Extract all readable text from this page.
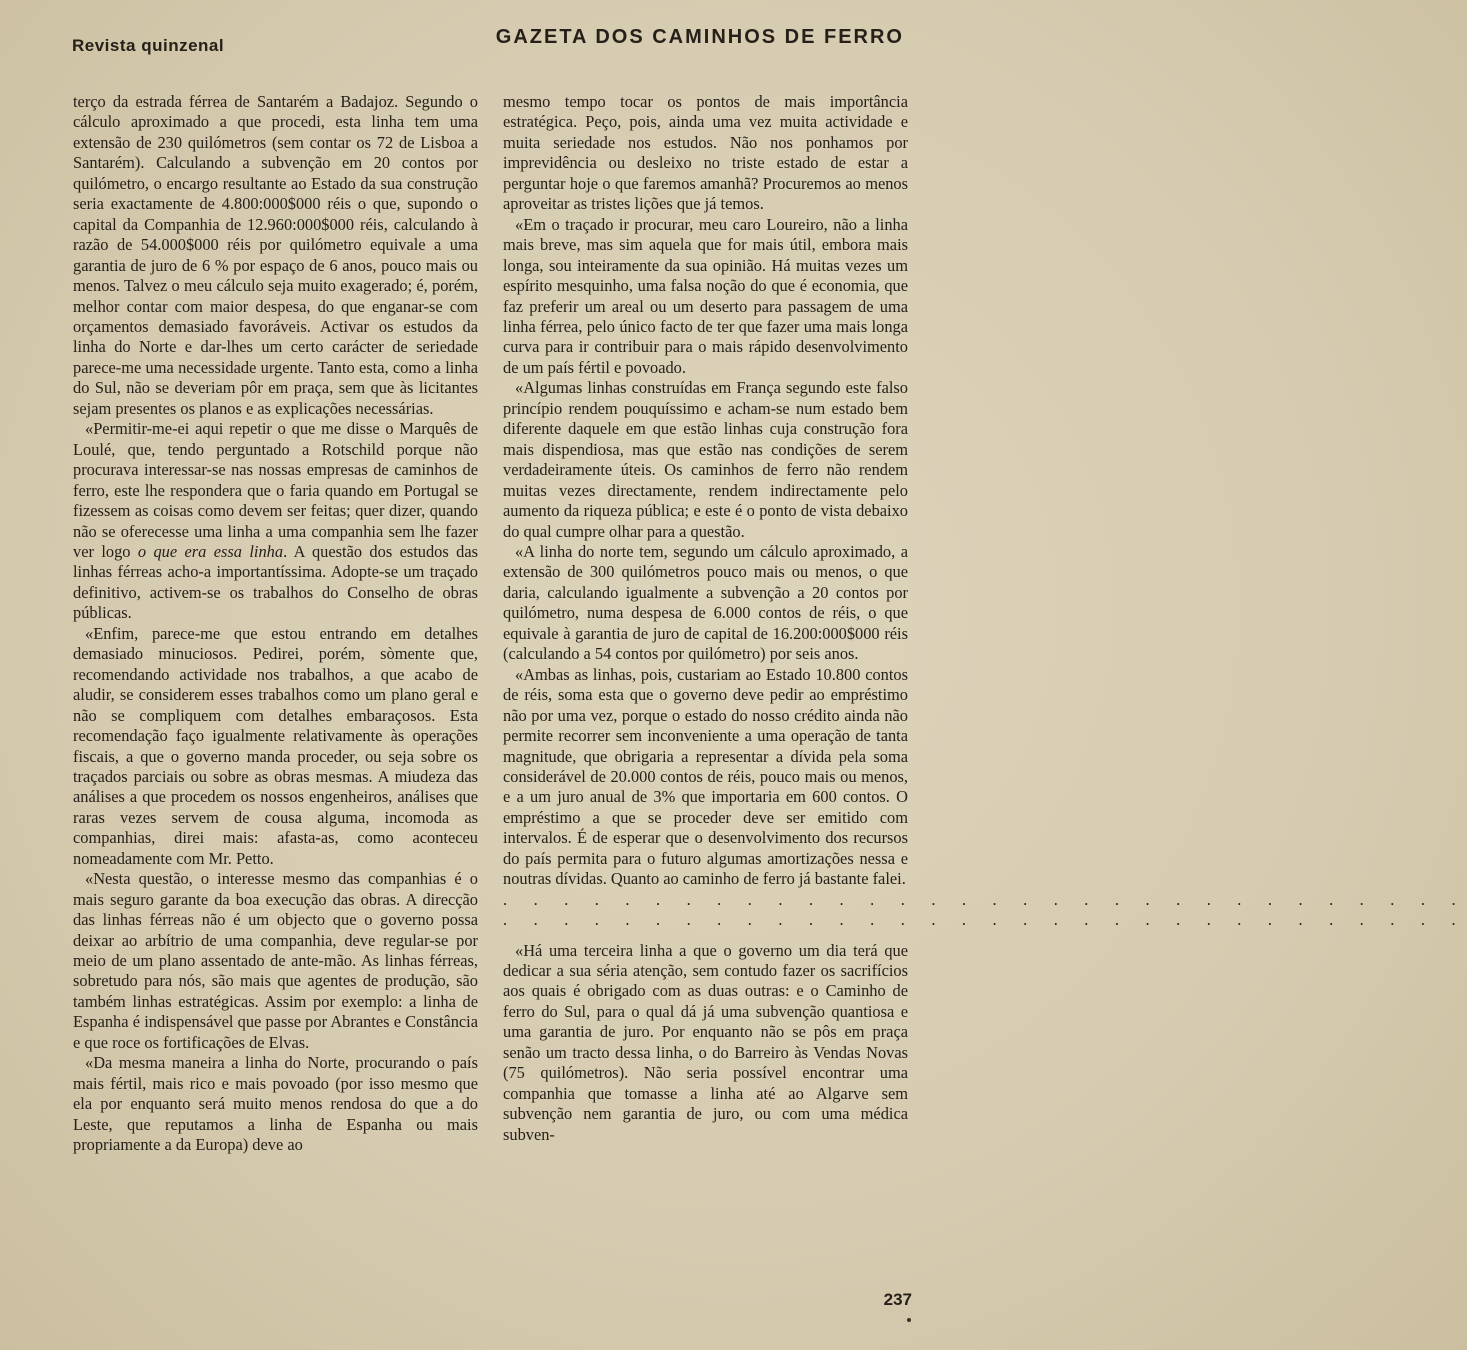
Revista quinzenal	GAZETA DOS CAMINHOS DE FERRO

terço da estrada férrea de Santarém a Badajoz. Segundo o cálculo aproximado a que procedi, esta linha tem uma extensão de 230 quilómetros (sem contar os 72 de Lisboa a Santarém). Calculando a subvenção em 20 contos por quilómetro, o encargo resultante ao Estado da sua construção seria exactamente de 4.800:000$000 réis o que, supondo o capital da Companhia de 12.960:000$000 réis, calculando à razão de 54.000$000 réis por quilómetro equivale a uma garantia de juro de 6 % por espaço de 6 anos, pouco mais ou menos. Talvez o meu cálculo seja muito exagerado; é, porém, melhor contar com maior despesa, do que enganar-se com orçamentos demasiado favoráveis. Activar os estudos da linha do Norte e dar-lhes um certo carácter de seriedade parece-me uma necessidade urgente. Tanto esta, como a linha do Sul, não se deveriam pôr em praça, sem que às licitantes sejam presentes os planos e as explicações necessárias.

«Permitir-me-ei aqui repetir o que me disse o Marquês de Loulé, que, tendo perguntado a Rotschild porque não procurava interessar-se nas nossas empresas de caminhos de ferro, este lhe respondera que o faria quando em Portugal se fizessem as coisas como devem ser feitas; quer dizer, quando não se oferecesse uma linha a uma companhia sem lhe fazer ver logo o que era essa linha. A questão dos estudos das linhas férreas acho-a importantíssima. Adopte-se um traçado definitivo, activem-se os trabalhos do Conselho de obras públicas.

«Enfim, parece-me que estou entrando em detalhes demasiado minuciosos. Pedirei, porém, sòmente que, recomendando actividade nos trabalhos, a que acabo de aludir, se considerem esses trabalhos como um plano geral e não se compliquem com detalhes embaraçosos. Esta recomendação faço igualmente relativamente às operações fiscais, a que o governo manda proceder, ou seja sobre os traçados parciais ou sobre as obras mesmas. A miudeza das análises a que procedem os nossos engenheiros, análises que raras vezes servem de cousa alguma, incomoda as companhias, direi mais: afasta-as, como aconteceu nomeadamente com Mr. Petto.

«Nesta questão, o interesse mesmo das companhias é o mais seguro garante da boa execução das obras. A direcção das linhas férreas não é um objecto que o governo possa deixar ao arbítrio de uma companhia, deve regular-se por meio de um plano assentado de ante-mão. As linhas férreas, sobretudo para nós, são mais que agentes de produção, são também linhas estratégicas. Assim por exemplo: a linha de Espanha é indispensável que passe por Abrantes e Constância e que roce os fortificações de Elvas.

«Da mesma maneira a linha do Norte, procurando o país mais fértil, mais rico e mais povoado (por isso mesmo que ela por enquanto será muito menos rendosa do que a do Leste, que reputamos a linha de Espanha ou mais propriamente a da Europa) deve ao

mesmo tempo tocar os pontos de mais importância estratégica. Peço, pois, ainda uma vez muita actividade e muita seriedade nos estudos. Não nos ponhamos por imprevidência ou desleixo no triste estado de estar a perguntar hoje o que faremos amanhã? Procuremos ao menos aproveitar as tristes lições que já temos.

«Em o traçado ir procurar, meu caro Loureiro, não a linha mais breve, mas sim aquela que for mais útil, embora mais longa, sou inteiramente da sua opinião. Há muitas vezes um espírito mesquinho, uma falsa noção do que é economia, que faz preferir um areal ou um deserto para passagem de uma linha férrea, pelo único facto de ter que fazer uma mais longa curva para ir contribuir para o mais rápido desenvolvimento de um país fértil e povoado.

«Algumas linhas construídas em França segundo este falso princípio rendem pouquíssimo e acham-se num estado bem diferente daquele em que estão linhas cuja construção fora mais dispendiosa, mas que estão nas condições de serem verdadeiramente úteis. Os caminhos de ferro não rendem muitas vezes directamente, rendem indirectamente pelo aumento da riqueza pública; e este é o ponto de vista debaixo do qual cumpre olhar para a questão.

«A linha do norte tem, segundo um cálculo aproximado, a extensão de 300 quilómetros pouco mais ou menos, o que daria, calculando igualmente a subvenção a 20 contos por quilómetro, numa despesa de 6.000 contos de réis, o que equivale à garantia de juro de capital de 16.200:000$000 réis (calculando a 54 contos por quilómetro) por seis anos.

«Ambas as linhas, pois, custariam ao Estado 10.800 contos de réis, soma esta que o governo deve pedir ao empréstimo não por uma vez, porque o estado do nosso crédito ainda não permite recorrer sem inconveniente a uma operação de tanta magnitude, que obrigaria a representar a dívida pela soma considerável de 20.000 contos de réis, pouco mais ou menos, e a um juro anual de 3% que importaria em 600 contos. O empréstimo a que se proceder deve ser emitido com intervalos. É de esperar que o desenvolvimento dos recursos do país permita para o futuro algumas amortizações nessa e noutras dívidas. Quanto ao caminho de ferro já bastante falei.

. . . . . . . . . . . . . . . . . . . . . . . . . . . . . . . .
. . . . . . . . . . . . . . . . . . . . . . . . . . . . . . . .

«Há uma terceira linha a que o governo um dia terá que dedicar a sua séria atenção, sem contudo fazer os sacrifícios aos quais é obrigado com as duas outras: e o Caminho de ferro do Sul, para o qual dá já uma subvenção quantiosa e uma garantia de juro. Por enquanto não se pôs em praça senão um tracto dessa linha, o do Barreiro às Vendas Novas (75 quilómetros). Não seria possível encontrar uma companhia que tomasse a linha até ao Algarve sem subvenção nem garantia de juro, ou com uma médica subven-

237
